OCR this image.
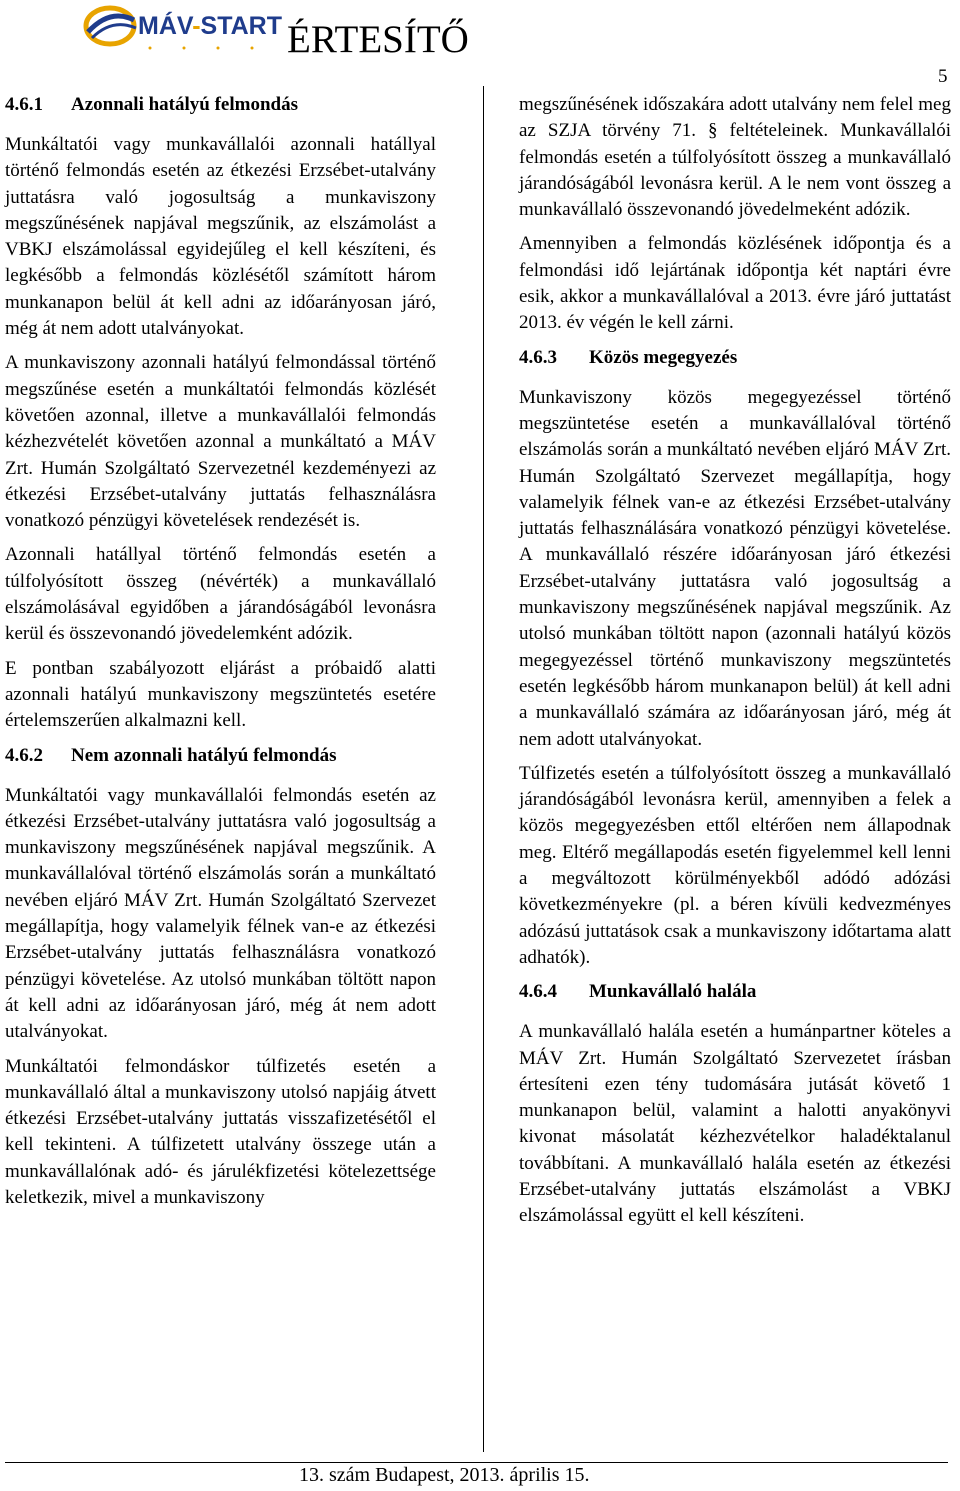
MÁV-START ÉRTESÍTŐ
5
4.6.1 Azonnali hatályú felmondás

Munkáltatói vagy munkavállalói azonnali hatállyal történő felmondás esetén az étkezési Erzsébet-utalvány juttatásra való jogosultság a munkaviszony megszűnésének napjával megszűnik, az elszámolást a VBKJ elszámolással egyidejűleg el kell készíteni, és legkésőbb a felmondás közlésétől számított három munkanapon belül át kell adni az időarányosan járó, még át nem adott utalványokat.

A munkaviszony azonnali hatályú felmondással történő megszűnése esetén a munkáltatói felmondás közlését követően azonnal, illetve a munkavállalói felmondás kézhezvételét követően azonnal a munkáltató a MÁV Zrt. Humán Szolgáltató Szervezetnél kezdeményezi az étkezési Erzsébet-utalvány juttatás felhasználásra vonatkozó pénzügyi követelések rendezését is.

Azonnali hatállyal történő felmondás esetén a túlfolyósított összeg (névérték) a munkavállaló elszámolásával egyidőben a járandóságából levonásra kerül és összevonandó jövedelemként adózik.

E pontban szabályozott eljárást a próbaidő alatti azonnali hatályú munkaviszony megszüntetés esetére értelemszerűen alkalmazni kell.

4.6.2 Nem azonnali hatályú felmondás

Munkáltatói vagy munkavállalói felmondás esetén az étkezési Erzsébet-utalvány juttatásra való jogosultság a munkaviszony megszűnésének napjával megszűnik. A munkavállalóval történő elszámolás során a munkáltató nevében eljáró MÁV Zrt. Humán Szolgáltató Szervezet megállapítja, hogy valamelyik félnek van-e az étkezési Erzsébet-utalvány juttatás felhasználásra vonatkozó pénzügyi követelése. Az utolsó munkában töltött napon át kell adni az időarányosan járó, még át nem adott utalványokat.

Munkáltatói felmondáskor túlfizetés esetén a munkavállaló által a munkaviszony utolsó napjáig átvett étkezési Erzsébet-utalvány juttatás visszafizetésétől el kell tekinteni. A túlfizetett utalvány összege után a munkavállalónak adó- és járulékfizetési kötelezettsége keletkezik, mivel a munkaviszony

megszűnésének időszakára adott utalvány nem felel meg az SZJA törvény 71. § feltételeinek. Munkavállalói felmondás esetén a túlfolyósított összeg a munkavállaló járandóságából levonásra kerül. A le nem vont összeg a munkavállaló összevonandó jövedelmeként adózik.

Amennyiben a felmondás közlésének időpontja és a felmondási idő lejártának időpontja két naptári évre esik, akkor a munkavállalóval a 2013. évre járó juttatást 2013. év végén le kell zárni.

4.6.3 Közös megegyezés

Munkaviszony közös megegyezéssel történő megszüntetése esetén a munkavállalóval történő elszámolás során a munkáltató nevében eljáró MÁV Zrt. Humán Szolgáltató Szervezet megállapítja, hogy valamelyik félnek van-e az étkezési Erzsébet-utalvány juttatás felhasználására vonatkozó pénzügyi követelése. A munkavállaló részére időarányosan járó étkezési Erzsébet-utalvány juttatásra való jogosultság a munkaviszony megszűnésének napjával megszűnik. Az utolsó munkában töltött napon (azonnali hatályú közös megegyezéssel történő munkaviszony megszüntetés esetén legkésőbb három munkanapon belül) át kell adni a munkavállaló számára az időarányosan járó, még át nem adott utalványokat.

Túlfizetés esetén a túlfolyósított összeg a munkavállaló járandóságából levonásra kerül, amennyiben a felek a közös megegyezésben ettől eltérően nem állapodnak meg. Eltérő megállapodás esetén figyelemmel kell lenni a megváltozott körülményekből adódó adózási következményekre (pl. a béren kívüli kedvezményes adózású juttatások csak a munkaviszony időtartama alatt adhatók).

4.6.4 Munkavállaló halála

A munkavállaló halála esetén a humánpartner köteles a MÁV Zrt. Humán Szolgáltató Szervezetet írásban értesíteni ezen tény tudomására jutását követő 1 munkanapon belül, valamint a halotti anyakönyvi kivonat másolatát kézhezvételkor haladéktalanul továbbítani. A munkavállaló halála esetén az étkezési Erzsébet-utalvány juttatás elszámolást a VBKJ elszámolással együtt el kell készíteni.

13. szám Budapest, 2013. április 15.
